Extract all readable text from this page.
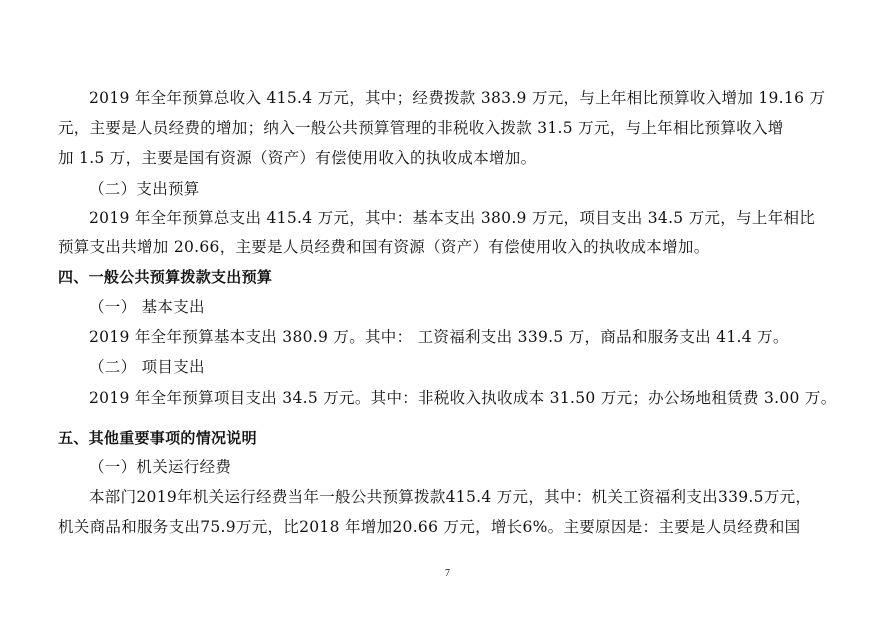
2019 年全年预算总收入 415.4 万元，其中；经费拨款 383.9 万元，与上年相比预算收入增加 19.16 万
元，主要是人员经费的增加；纳入一般公共预算管理的非税收入拨款 31.5 万元，与上年相比预算收入增
加 1.5 万，主要是国有资源（资产）有偿使用收入的执收成本增加。
（二）支出预算
2019 年全年预算总支出 415.4 万元，其中：基本支出 380.9 万元，项目支出 34.5 万元，与上年相比
预算支出共增加 20.66，主要是人员经费和国有资源（资产）有偿使用收入的执收成本增加。
四、一般公共预算拨款支出预算
（一） 基本支出
2019 年全年预算基本支出 380.9 万。其中： 工资福利支出 339.5 万，商品和服务支出 41.4 万。
（二） 项目支出
2019 年全年预算项目支出 34.5 万元。其中：非税收入执收成本 31.50 万元；办公场地租赁费 3.00 万。
五、其他重要事项的情况说明
（一）机关运行经费
本部门2019年机关运行经费当年一般公共预算拨款415.4 万元，其中：机关工资福利支出339.5万元，
机关商品和服务支出75.9万元，比2018 年增加20.66 万元，增长6%。主要原因是：主要是人员经费和国
7
